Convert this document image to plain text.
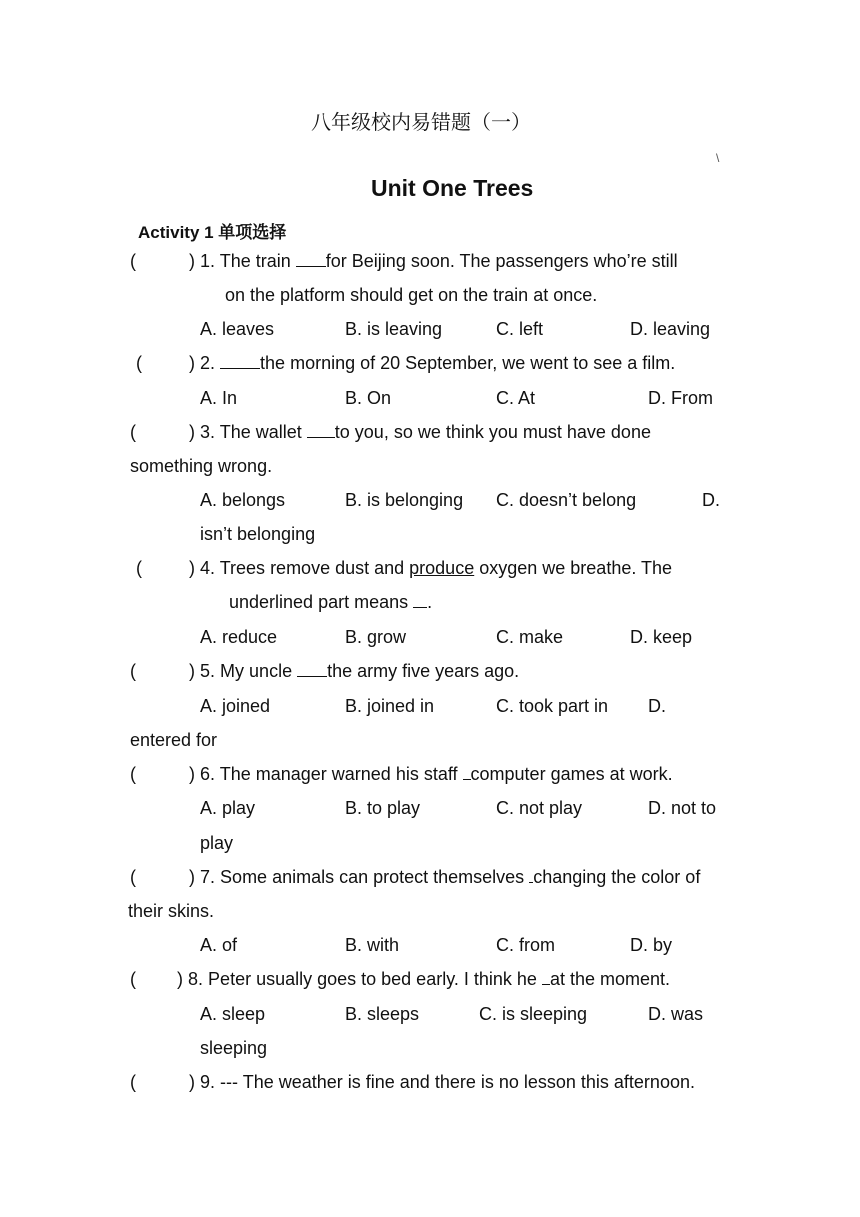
八年级校内易错题（一）
\
Unit One Trees
Activity 1 单项选择
(	) 1. The train for Beijing soon. The passengers who’re still
on the platform should get on the train at once.
A. leaves	B. is leaving	C. left	D. leaving
(	) 2.	the morning of 20 September, we went to see a film.
A. In	B. On	C. At	D. From
(	) 3. The wallet to you, so we think you must have done
something wrong.
A. belongs	B. is belonging C. doesn’t belong	D.
isn’t belonging
(	) 4. Trees remove dust and produce oxygen we breathe. The
underlined part means .
A. reduce	B. grow	C. make	D. keep
(	) 5. My uncle the army five years ago.
A. joined	B. joined in	C. took part in D.
entered for
(	) 6. The manager warned his staff computer games at work.
A. play	B. to play	C. not play	D. not to
play
(	) 7. Some animals can protect themselves changing the color of
their skins.
A. of	B. with	C. from	D. by
( ) 8. Peter usually goes to bed early. I think he at the moment.
A. sleep	B. sleeps	C. is sleeping	D. was
sleeping
(	) 9. --- The weather is fine and there is no lesson this afternoon.
